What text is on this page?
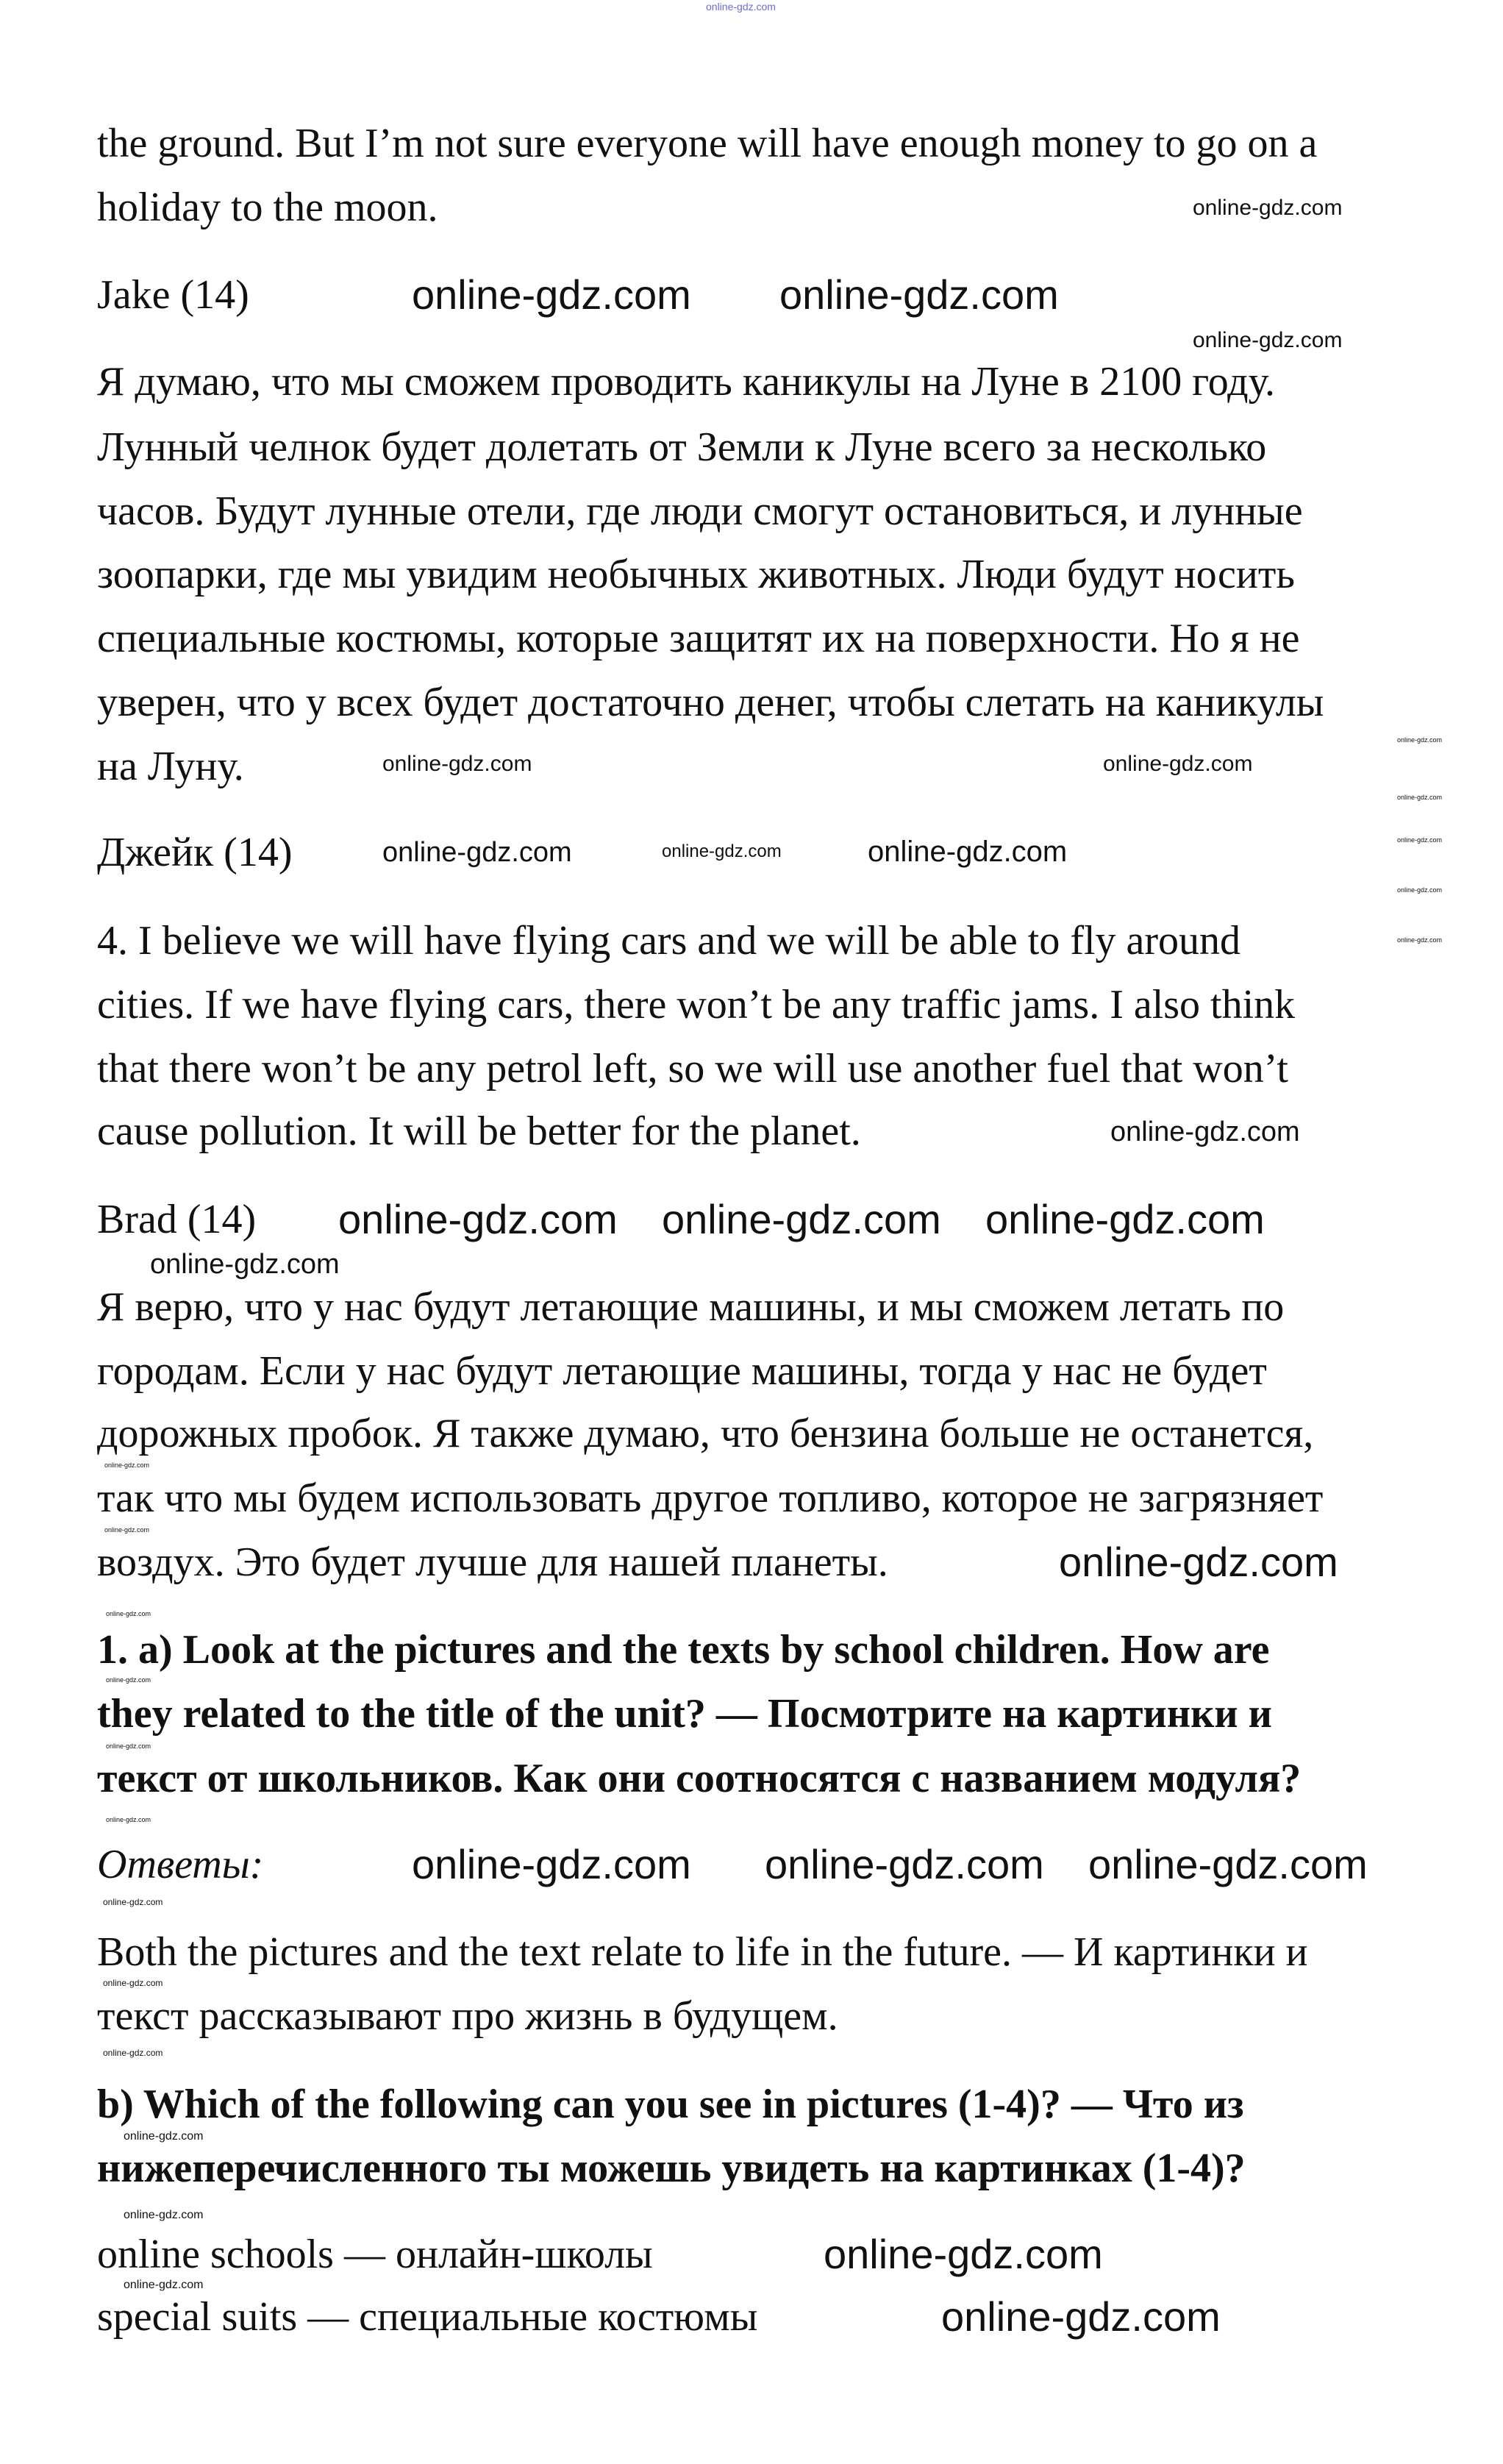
online-gdz.com
the ground. But I’m not sure everyone will have enough money to go on a
holiday to the moon.
Jake (14)
Я думаю, что мы сможем проводить каникулы на Луне в 2100 году.
Лунный челнок будет долетать от Земли к Луне всего за несколько
часов. Будут лунные отели, где люди смогут остановиться, и лунные
зоопарки, где мы увидим необычных животных. Люди будут носить
специальные костюмы, которые защитят их на поверхности. Но я не
уверен, что у всех будет достаточно денег, чтобы слетать на каникулы
на Луну.
Джейк (14)
4. I believe we will have flying cars and we will be able to fly around
cities. If we have flying cars, there won’t be any traffic jams. I also think
that there won’t be any petrol left, so we will use another fuel that won’t
cause pollution. It will be better for the planet.
Brad (14)
Я верю, что у нас будут летающие машины, и мы сможем летать по
городам. Если у нас будут летающие машины, тогда у нас не будет
дорожных пробок. Я также думаю, что бензина больше не останется,
так что мы будем использовать другое топливо, которое не загрязняет
воздух. Это будет лучше для нашей планеты.
1. a) Look at the pictures and the texts by school children. How are
they related to the title of the unit? — Посмотрите на картинки и
текст от школьников. Как они соотносятся с названием модуля?
Ответы:
Both the pictures and the text relate to life in the future. — И картинки и
текст рассказывают про жизнь в будущем.
b) Which of the following can you see in pictures (1-4)? — Что из
нижеперечисленного ты можешь увидеть на картинках (1-4)?
online schools — онлайн-школы
special suits — специальные костюмы
online-gdz.com
online-gdz.com online-gdz.com
online-gdz.com
online-gdz.com
online-gdz.com	online-gdz.com	online-gdz.com
online-gdz.com
online-gdz.com
online-gdz.com
online-gdz.com
online-gdz.com
online-gdz.com
online-gdz.com online-gdz.com
online-gdz.com
online-gdz.com
online-gdz.com
online-gdz.com
online-gdz.com
online-gdz.com
online-gdz.com
online-gdz.com
online-gdz.com
online-gdz.com
online-gdz.com
online-gdz.com
online-gdz.com
online-gdz.com
online-gdz.com
online-gdz.com
online-gdz.com
online-gdz.com
online-gdz.com
online-gdz.com
online-gdz.com
